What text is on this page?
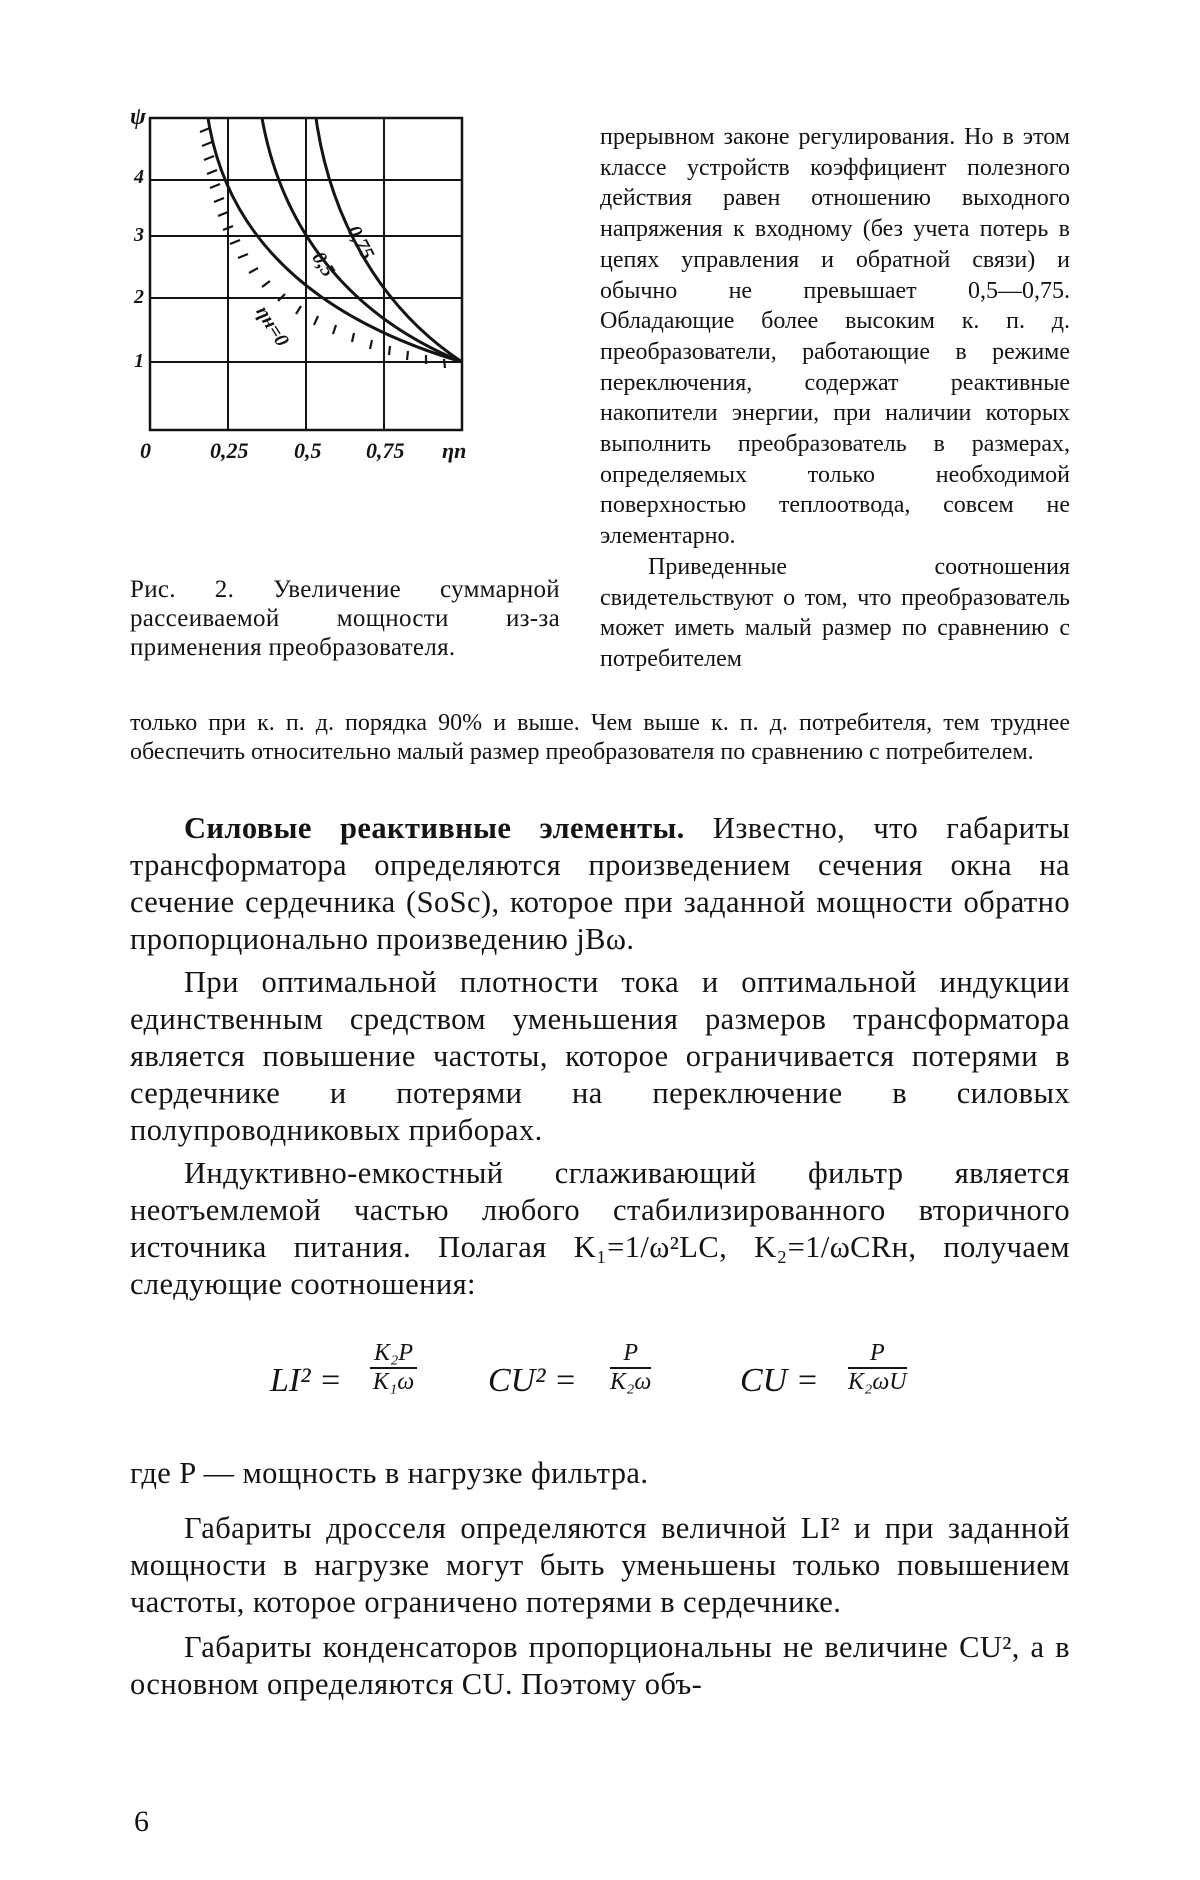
ψ
4
3
2
1
0	0,25 0,5 0,75 ηп
ηн=0
0,5
0,75
Рис. 2. Увеличение суммарной рассеиваемой мощности из-за применения преобразователя.

прерывном законе регулирования. Но в этом классе устройств коэффициент полезного действия равен отношению выходного напряжения к входному (без учета потерь в цепях управления и обратной связи) и обычно не превышает 0,5—0,75. Обладающие более высоким к. п. д. преобразователи, работающие в режиме переключения, содержат реактивные накопители энергии, при наличии которых выполнить преобразователь в размерах, определяемых только необходимой поверхностью теплоотвода, совсем не элементарно.

Приведенные соотношения свидетельствуют о том, что преобразователь может иметь малый размер по сравнению с потребителем

только при к. п. д. порядка 90% и выше. Чем выше к. п. д. потребителя, тем труднее обеспечить относительно малый размер преобразователя по сравнению с потребителем.

Силовые реактивные элементы. Известно, что габариты трансформатора определяются произведением сечения окна на сечение сердечника (SоSс), которое при заданной мощности обратно пропорционально произведению jBω.

При оптимальной плотности тока и оптимальной индукции единственным средством уменьшения размеров трансформатора является повышение частоты, которое ограничивается потерями в сердечнике и потерями на переключение в силовых полупроводниковых приборах.

Индуктивно-емкостный сглаживающий фильтр является неотъемлемой частью любого стабилизированного вторичного источника питания. Полагая K₁=1/ω²LC, K₂=1/ωCRн, получаем следующие соотношения:

LI² =
K₂P
K₁ω CU² =
P
K₂ω	CU =
P
K₂ωU

где P — мощность в нагрузке фильтра.

Габариты дросселя определяются величной LI² и при заданной мощности в нагрузке могут быть уменьшены только повышением частоты, которое ограничено потерями в сердечнике.

Габариты конденсаторов пропорциональны не величине CU², а в основном определяются CU. Поэтому объ-

6
